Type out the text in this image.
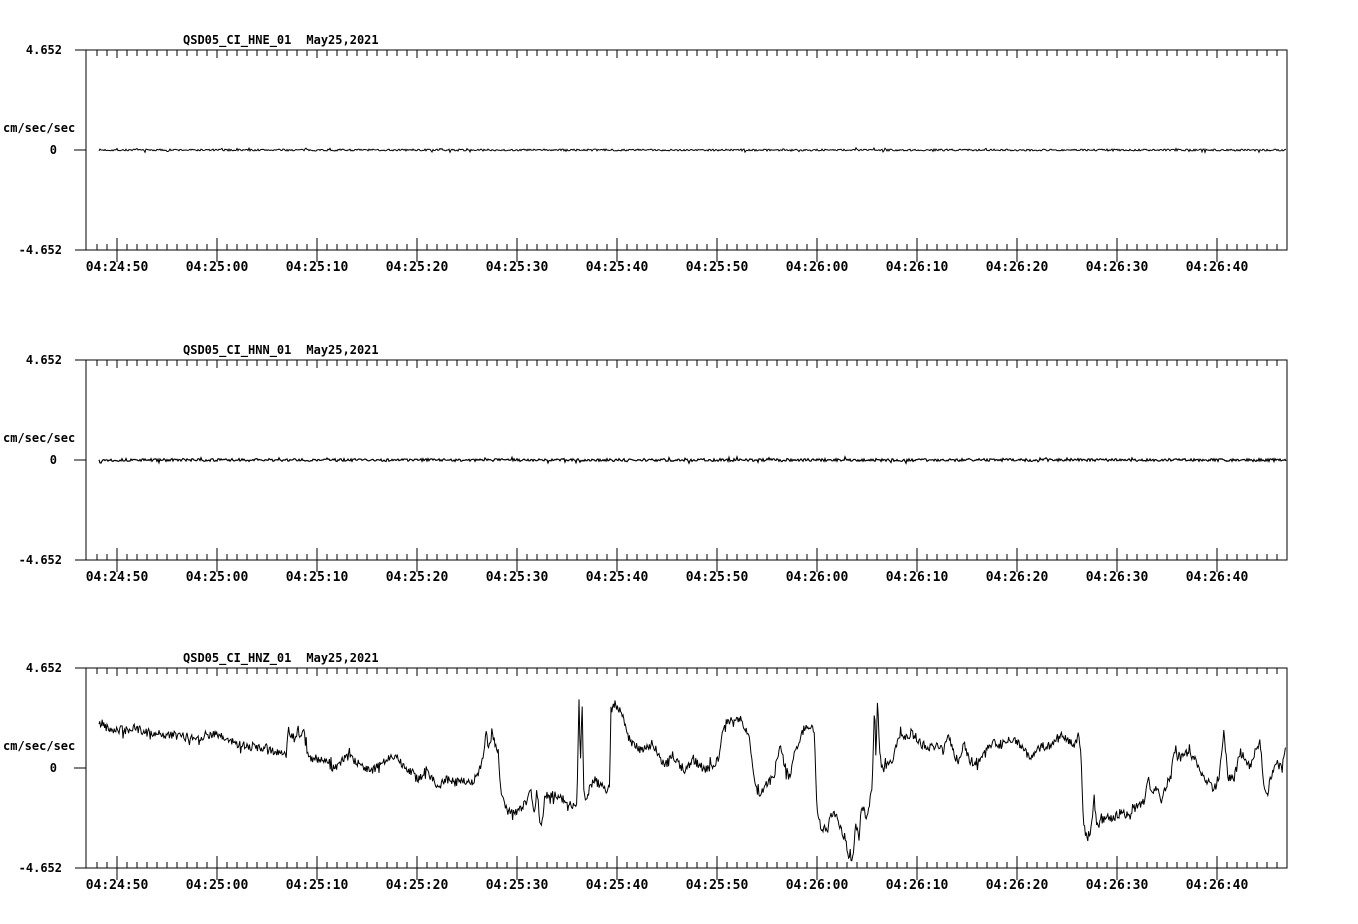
QSD05_CI_HNE_01 May25,2021
4.652
cm/sec/sec
0
-4.652
04:24:50	04:25:00	04:25:10	04:25:20	04:25:30	04:25:40	04:25:50	04:26:00	04:26:10	04:26:20	04:26:30	04:26:40
QSD05_CI_HNN_01 May25,2021
4.652
cm/sec/sec
0
-4.652
04:24:50	04:25:00	04:25:10	04:25:20	04:25:30	04:25:40	04:25:50	04:26:00	04:26:10	04:26:20	04:26:30	04:26:40
QSD05_CI_HNZ_01 May25,2021
4.652
cm/sec/sec
0
-4.652
04:24:50	04:25:00	04:25:10	04:25:20	04:25:30	04:25:40	04:25:50	04:26:00	04:26:10	04:26:20	04:26:30	04:26:40
